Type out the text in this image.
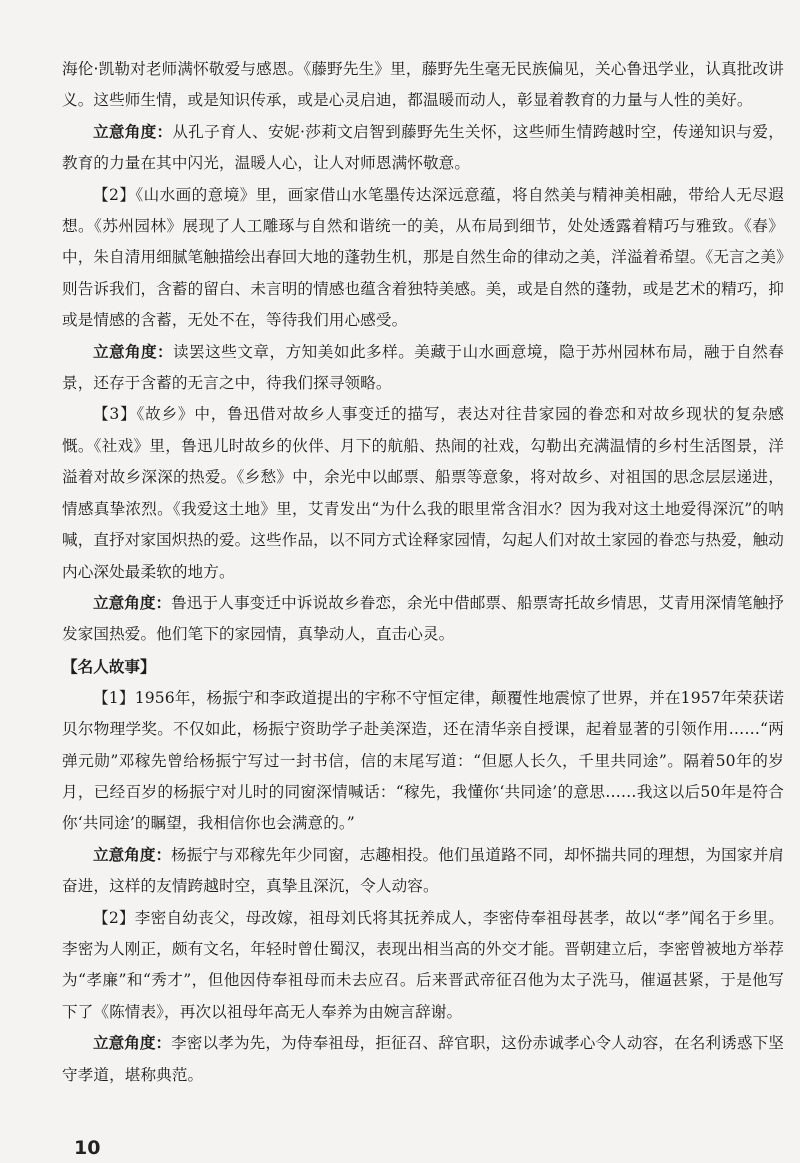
海伦·凯勒对老师满怀敬爱与感恩。《藤野先生》里，藤野先生毫无民族偏见，关心鲁迅学业，认真批改讲义。这些师生情，或是知识传承，或是心灵启迪，都温暖而动人，彰显着教育的力量与人性的美好。

立意角度：从孔子育人、安妮·莎莉文启智到藤野先生关怀，这些师生情跨越时空，传递知识与爱，教育的力量在其中闪光，温暖人心，让人对师恩满怀敬意。

【2】《山水画的意境》里，画家借山水笔墨传达深远意蕴，将自然美与精神美相融，带给人无尽遐想。《苏州园林》展现了人工雕琢与自然和谐统一的美，从布局到细节，处处透露着精巧与雅致。《春》中，朱自清用细腻笔触描绘出春回大地的蓬勃生机，那是自然生命的律动之美，洋溢着希望。《无言之美》则告诉我们，含蓄的留白、未言明的情感也蕴含着独特美感。美，或是自然的蓬勃，或是艺术的精巧，抑或是情感的含蓄，无处不在，等待我们用心感受。

立意角度：读罢这些文章，方知美如此多样。美藏于山水画意境，隐于苏州园林布局，融于自然春景，还存于含蓄的无言之中，待我们探寻领略。

【3】《故乡》中，鲁迅借对故乡人事变迁的描写，表达对往昔家园的眷恋和对故乡现状的复杂感慨。《社戏》里，鲁迅儿时故乡的伙伴、月下的航船、热闹的社戏，勾勒出充满温情的乡村生活图景，洋溢着对故乡深深的热爱。《乡愁》中，余光中以邮票、船票等意象，将对故乡、对祖国的思念层层递进，情感真挚浓烈。《我爱这土地》里，艾青发出“为什么我的眼里常含泪水？因为我对这土地爱得深沉”的呐喊，直抒对家国炽热的爱。这些作品，以不同方式诠释家园情，勾起人们对故土家园的眷恋与热爱，触动内心深处最柔软的地方。

立意角度：鲁迅于人事变迁中诉说故乡眷恋，余光中借邮票、船票寄托故乡情思，艾青用深情笔触抒发家国热爱。他们笔下的家园情，真挚动人，直击心灵。

【名人故事】

【1】1956年，杨振宁和李政道提出的宇称不守恒定律，颠覆性地震惊了世界，并在1957年荣获诺贝尔物理学奖。不仅如此，杨振宁资助学子赴美深造，还在清华亲自授课，起着显著的引领作用……“两弹元勋”邓稼先曾给杨振宁写过一封书信，信的末尾写道：“但愿人长久，千里共同途”。隔着50年的岁月，已经百岁的杨振宁对儿时的同窗深情喊话：“稼先，我懂你‘共同途’的意思……我这以后50年是符合你‘共同途’的瞩望，我相信你也会满意的。”

立意角度：杨振宁与邓稼先年少同窗，志趣相投。他们虽道路不同，却怀揣共同的理想，为国家并肩奋进，这样的友情跨越时空，真挚且深沉，令人动容。

【2】李密自幼丧父，母改嫁，祖母刘氏将其抚养成人，李密侍奉祖母甚孝，故以“孝”闻名于乡里。李密为人刚正，颇有文名，年轻时曾仕蜀汉，表现出相当高的外交才能。晋朝建立后，李密曾被地方举荐为“孝廉”和“秀才”，但他因侍奉祖母而未去应召。后来晋武帝征召他为太子洗马，催逼甚紧，于是他写下了《陈情表》，再次以祖母年高无人奉养为由婉言辞谢。

立意角度：李密以孝为先，为侍奉祖母，拒征召、辞官职，这份赤诚孝心令人动容，在名利诱惑下坚守孝道，堪称典范。

10
